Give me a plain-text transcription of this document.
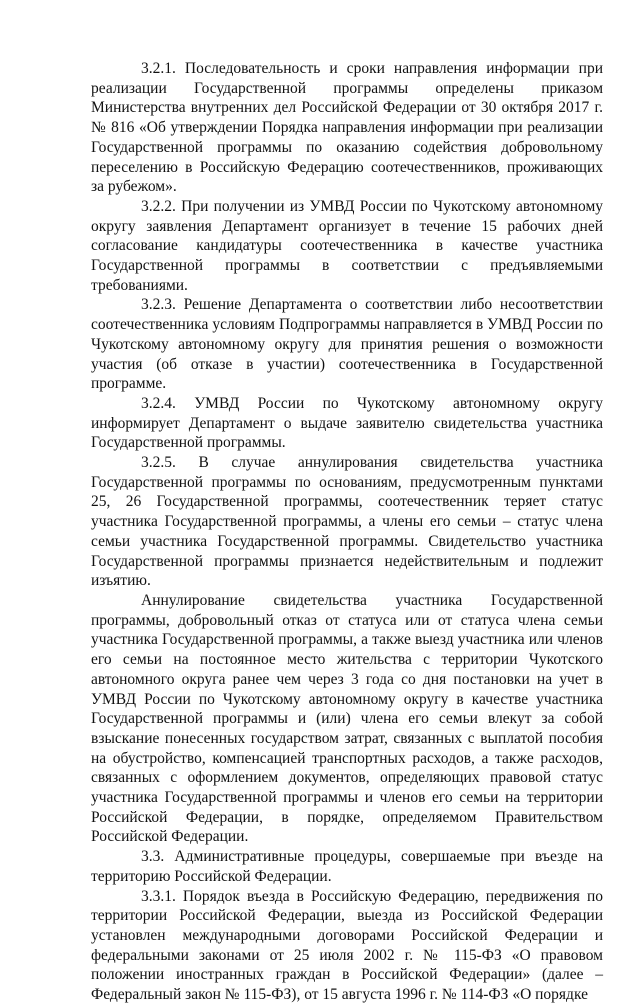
3.2.1. Последовательность и сроки направления информации при реализации Государственной программы определены приказом Министерства внутренних дел Российской Федерации от 30 октября 2017 г. № 816 «Об утверждении Порядка направления информации при реализации Государственной программы по оказанию содействия добровольному переселению в Российскую Федерацию соотечественников, проживающих за рубежом».

3.2.2. При получении из УМВД России по Чукотскому автономному округу заявления Департамент организует в течение 15 рабочих дней согласование кандидатуры соотечественника в качестве участника Государственной программы в соответствии с предъявляемыми требованиями.

3.2.3. Решение Департамента о соответствии либо несоответствии соотечественника условиям Подпрограммы направляется в УМВД России по Чукотскому автономному округу для принятия решения о возможности участия (об отказе в участии) соотечественника в Государственной программе.

3.2.4. УМВД России по Чукотскому автономному округу информирует Департамент о выдаче заявителю свидетельства участника Государственной программы.

3.2.5. В случае аннулирования свидетельства участника Государственной программы по основаниям, предусмотренным пунктами 25, 26 Государственной программы, соотечественник теряет статус участника Государственной программы, а члены его семьи – статус члена семьи участника Государственной программы. Свидетельство участника Государственной программы признается недействительным и подлежит изъятию.

Аннулирование свидетельства участника Государственной программы, добровольный отказ от статуса или от статуса члена семьи участника Государственной программы, а также выезд участника или членов его семьи на постоянное место жительства с территории Чукотского автономного округа ранее чем через 3 года со дня постановки на учет в УМВД России по Чукотскому автономному округу в качестве участника Государственной программы и (или) члена его семьи влекут за собой взыскание понесенных государством затрат, связанных с выплатой пособия на обустройство, компенсацией транспортных расходов, а также расходов, связанных с оформлением документов, определяющих правовой статус участника Государственной программы и членов его семьи на территории Российской Федерации, в порядке, определяемом Правительством Российской Федерации.

3.3. Административные процедуры, совершаемые при въезде на территорию Российской Федерации.

3.3.1. Порядок въезда в Российскую Федерацию, передвижения по территории Российской Федерации, выезда из Российской Федерации установлен международными договорами Российской Федерации и федеральными законами от 25 июля 2002 г. № 115-ФЗ «О правовом положении иностранных граждан в Российской Федерации» (далее – Федеральный закон № 115-ФЗ), от 15 августа 1996 г. № 114-ФЗ «О порядке
